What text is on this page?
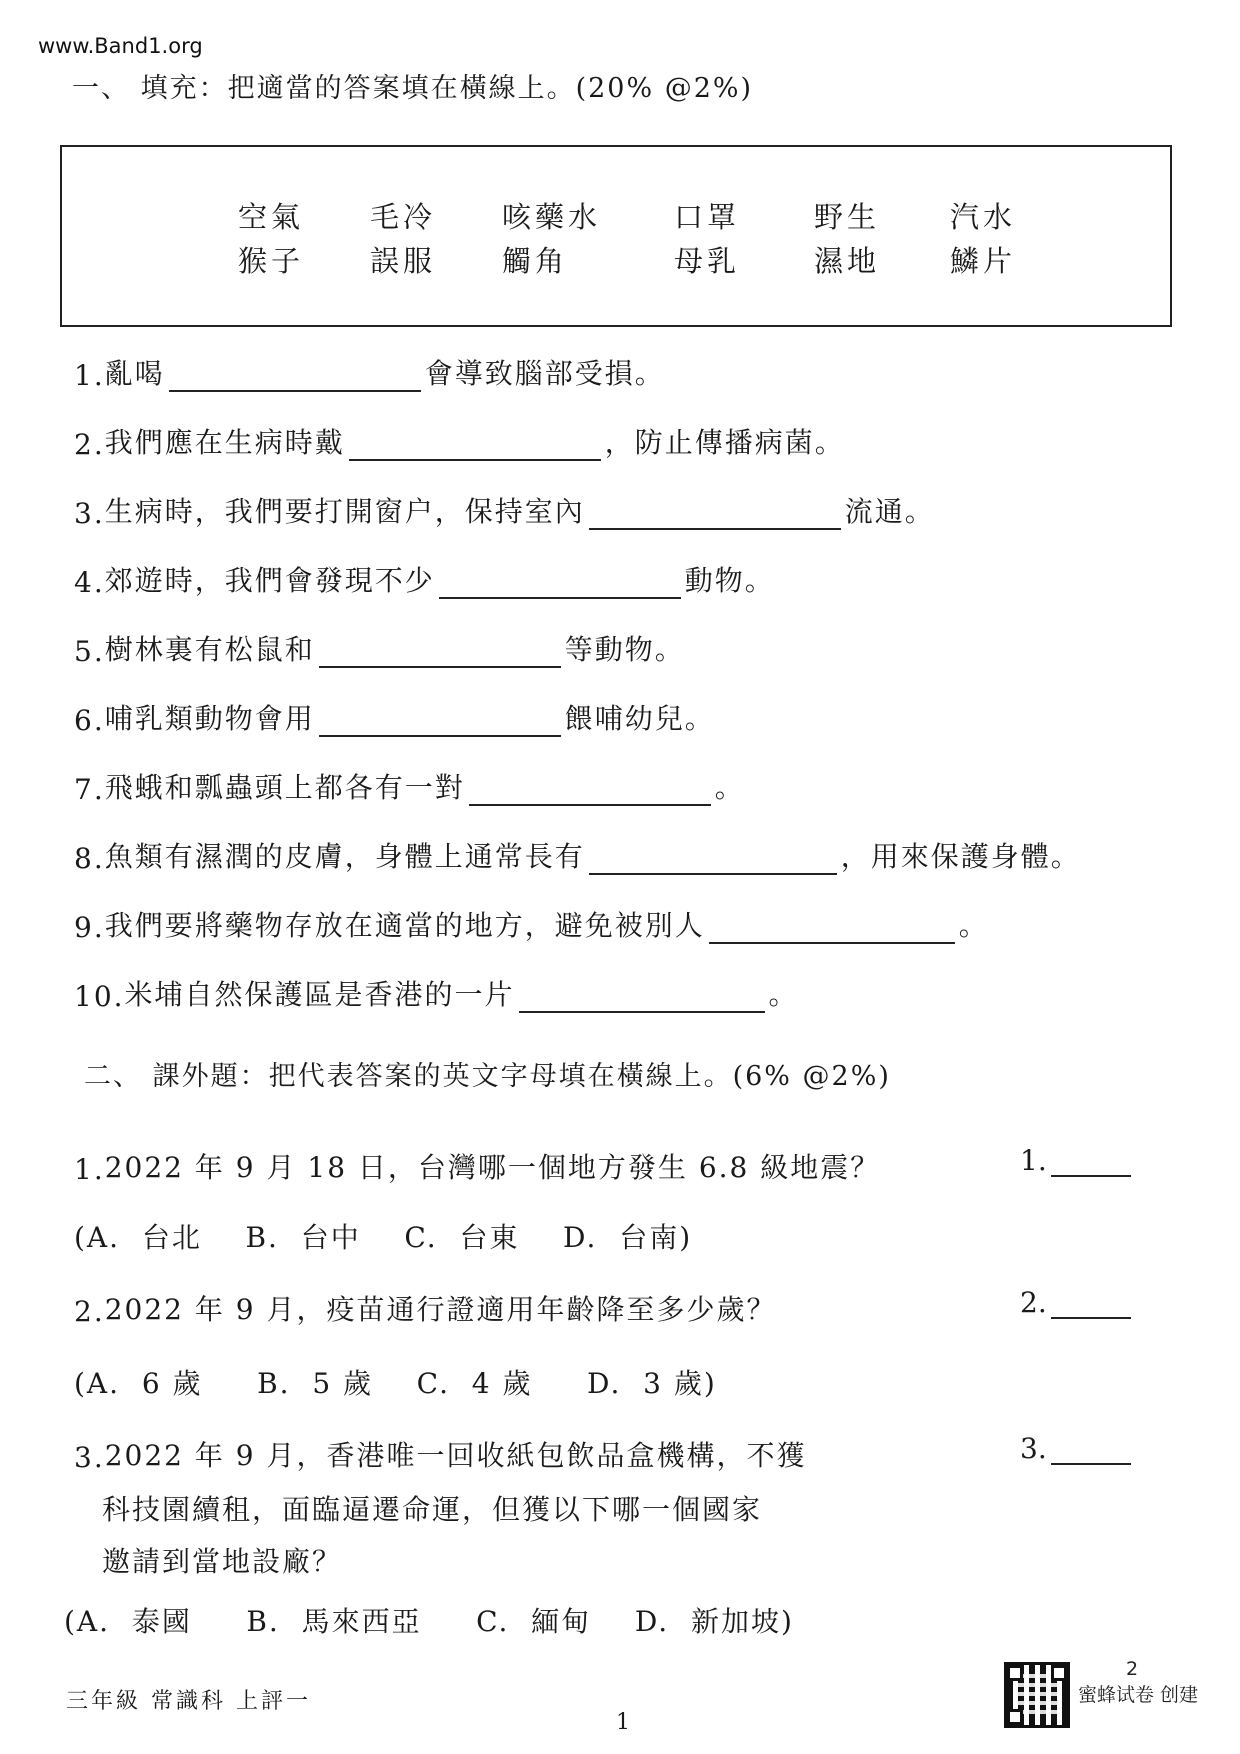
www.Band1.org
一、 填充：把適當的答案填在橫線上。(20% @2%)
空氣 毛冷 咳藥水	口罩	野生 汽水
猴子 誤服 觸角	母乳	濕地 鱗片
1. 亂喝	會導致腦部受損。
2. 我們應在生病時戴	，防止傳播病菌。
3. 生病時，我們要打開窗户，保持室內	流通。
4. 郊遊時，我們會發現不少	動物。
5. 樹林裏有松鼠和	等動物。
6. 哺乳類動物會用	餵哺幼兒。
7. 飛蛾和瓢蟲頭上都各有一對	。
8. 魚類有濕潤的皮膚，身體上通常長有	，用來保護身體。
9. 我們要將藥物存放在適當的地方，避免被別人	。
10. 米埔自然保護區是香港的一片	。
二、 課外題：把代表答案的英文字母填在橫線上。(6% @2%)
1. 2022 年 9 月 18 日，台灣哪一個地方發生 6.8 級地震？	1.
(A.  台北    B.  台中    C.  台東    D.  台南)
2. 2022 年 9 月，疫苗通行證適用年齡降至多少歲？	2.
(A.  6 歲     B.  5 歲    C.  4 歲     D.  3 歲)
3. 2022 年 9 月，香港唯一回收紙包飲品盒機構，不獲
科技園續租，面臨逼遷命運，但獲以下哪一個國家
邀請到當地設廠？
3.
(A.  泰國     B.  馬來西亞     C.  緬甸    D.  新加坡)
三年級 常識科 上評一
1
2
蜜蜂试卷 创建
